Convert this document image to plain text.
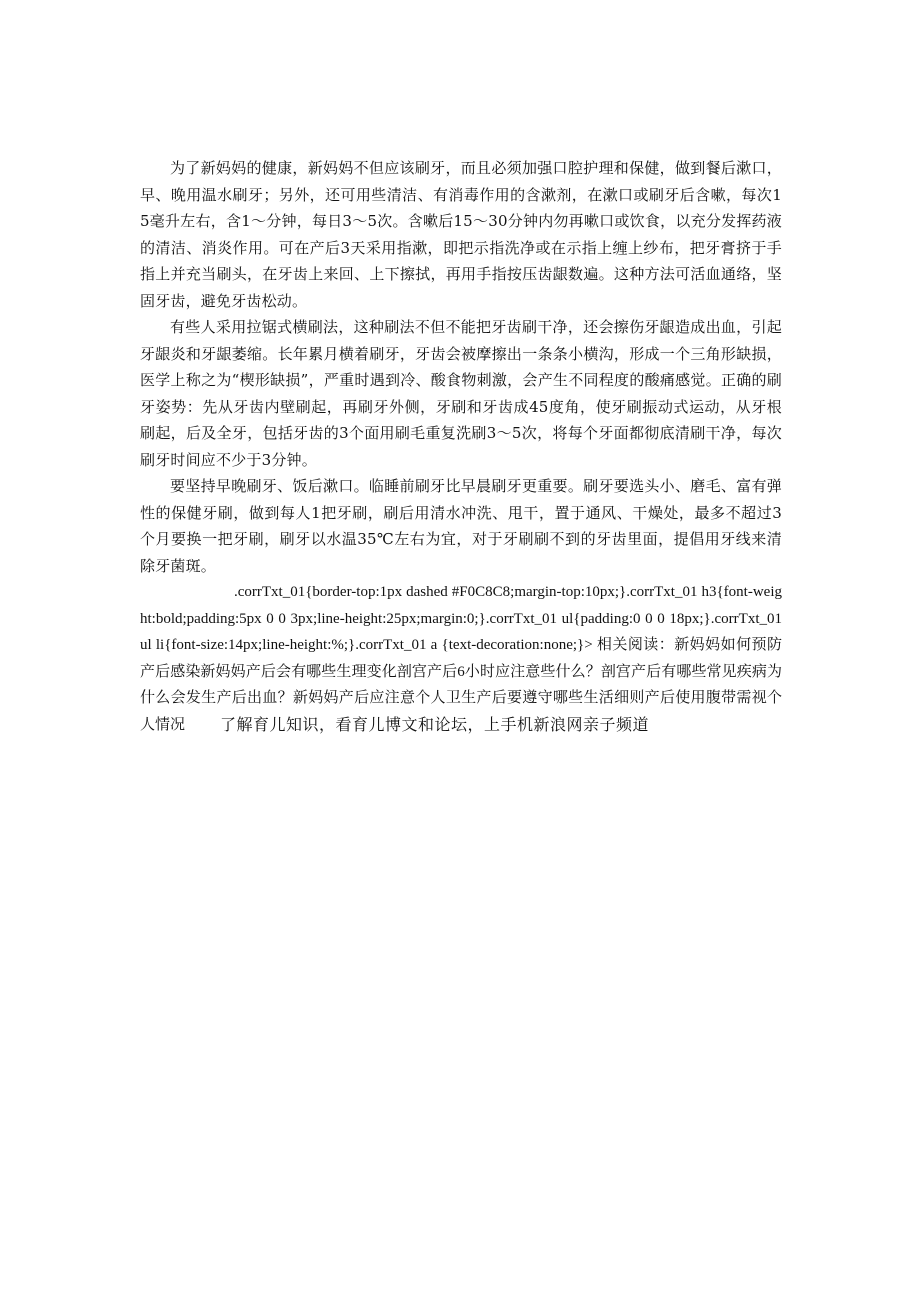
为了新妈妈的健康，新妈妈不但应该刷牙，而且必须加强口腔护理和保健，做到餐后漱口，早、晚用温水刷牙；另外，还可用些清洁、有消毒作用的含漱剂，在漱口或刷牙后含嗽，每次15毫升左右，含1～分钟，每日3～5次。含嗽后15～30分钟内勿再嗽口或饮食，以充分发挥药液的清洁、消炎作用。可在产后3天采用指漱，即把示指洗净或在示指上缠上纱布，把牙膏挤于手指上并充当刷头，在牙齿上来回、上下擦拭，再用手指按压齿龈数遍。这种方法可活血通络，坚固牙齿，避免牙齿松动。

有些人采用拉锯式横刷法，这种刷法不但不能把牙齿刷干净，还会擦伤牙龈造成出血，引起牙龈炎和牙龈萎缩。长年累月横着刷牙，牙齿会被摩擦出一条条小横沟，形成一个三角形缺损，医学上称之为“楔形缺损”，严重时遇到冷、酸食物刺激，会产生不同程度的酸痛感觉。正确的刷牙姿势：先从牙齿内壁刷起，再刷牙外侧，牙刷和牙齿成45度角，使牙刷振动式运动，从牙根刷起，后及全牙，包括牙齿的3个面用刷毛重复洗刷3～5次，将每个牙面都彻底清刷干净，每次刷牙时间应不少于3分钟。

要坚持早晚刷牙、饭后漱口。临睡前刷牙比早晨刷牙更重要。刷牙要选头小、磨毛、富有弹性的保健牙刷，做到每人1把牙刷，刷后用清水冲洗、甩干，置于通风、干燥处，最多不超过3个月要换一把牙刷，刷牙以水温35℃左右为宜，对于牙刷刷不到的牙齿里面，提倡用牙线来清除牙菌斑。

.corrTxt_01{border-top:1px dashed #F0C8C8;margin-top:10px;}.corrTxt_01 h3{font-weight:bold;padding:5px 0 0 3px;line-height:25px;margin:0;}.corrTxt_01 ul{padding:0 0 0 18px;}.corrTxt_01 ul li{font-size:14px;line-height:%;}.corrTxt_01 a {text-decoration:none;}> 相关阅读：新妈妈如何预防产后感染新妈妈产后会有哪些生理变化剖宫产后6小时应注意些什么？剖宫产后有哪些常见疾病为什么会发生产后出血？新妈妈产后应注意个人卫生产后要遵守哪些生活细则产后使用腹带需视个人情况	了解育儿知识，看育儿博文和论坛，上手机新浪网亲子频道
